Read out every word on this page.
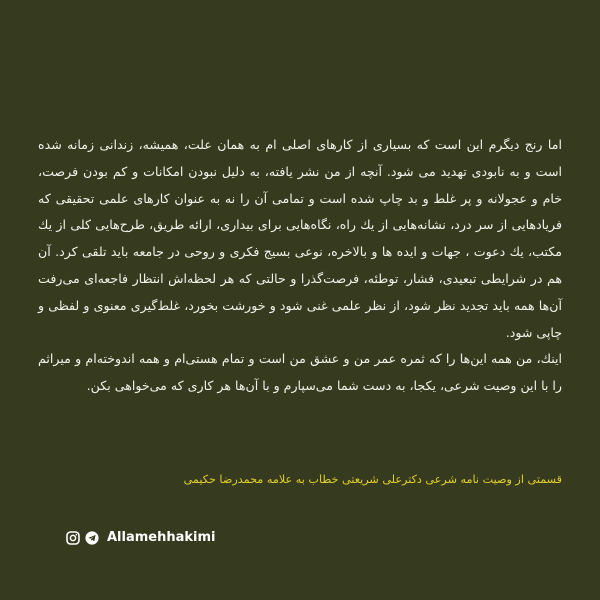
اما رنج دیگرم این است که بسیاری از کارهای اصلی ام به همان علت، همیشه، زندانی زمانه شده است و به نابودی تهدید می شود. آنچه از من نشر یافته، به دلیل نبودن امکانات و کم بودن فرصت، خام و عجولانه و پر غلط و بد چاپ شده است و تمامی آن را نه به عنوان کارهای علمی تحقیقی که فریادهایی از سر درد، نشانه‌هایی از یك راه، نگاه‌هایی برای بیداری، ارائه طریق، طرح‌هایی کلی از یك مکتب، یك دعوت ، جهات و ایده ها و بالاخره، نوعی بسیج فکری و روحی در جامعه باید تلقی کرد. آن هم در شرایطی تبعیدی، فشار، توطئه، فرصت‌گذرا و حالتی که هر لحظه‌اش انتظار فاجعه‌ای می‌رفت آن‌ها همه باید تجدید نظر شود، از نظر علمی غنی شود و خورشت بخورد، غلط‌گیری معنوی و لفظی و چاپی شود.

اینك، من همه این‌ها را که ثمره عمر من و عشق من است و تمام هستی‌ام و همه اندوخته‌ام و میراثم را با این وصیت شرعی، یکجا، به دست شما می‌سپارم و با آن‌ها هر کاری که می‌خواهی بکن.

قسمتی از وصیت نامه شرعی دکترعلی شریعتی خطاب به علامه محمدرضا حکیمی
Allamehhakimi
